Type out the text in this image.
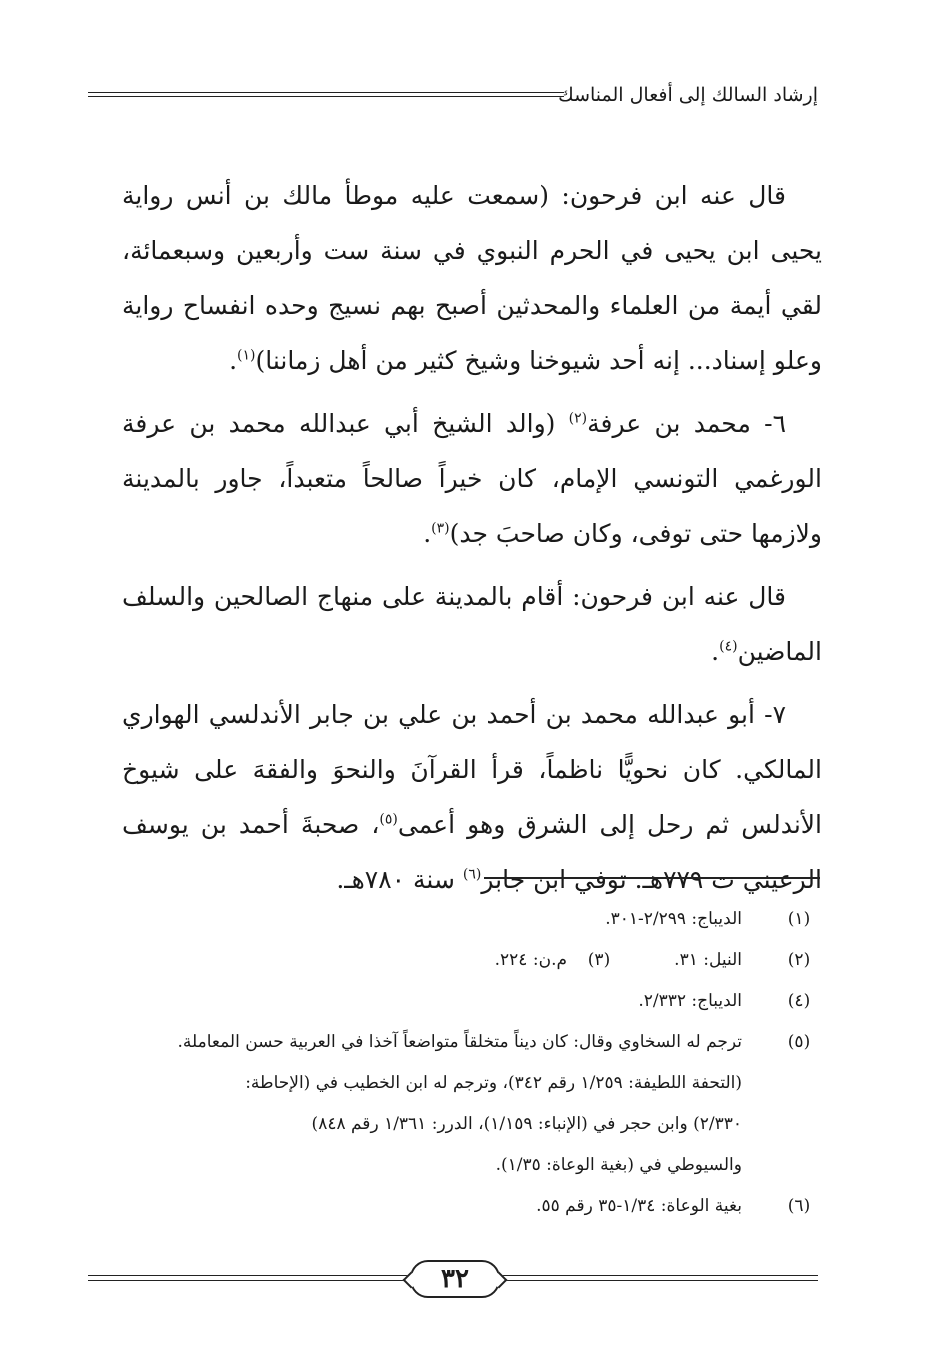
إرشاد السالك إلى أفعال المناسك

قال عنه ابن فرحون: (سمعت عليه موطأ مالك بن أنس رواية يحيى ابن يحيى في الحرم النبوي في سنة ست وأربعين وسبعمائة، لقي أيمة من العلماء والمحدثين أصبح بهم نسيج وحده انفساح رواية وعلو إسناد... إنه أحد شيوخنا وشيخ كثير من أهل زماننا)$^{(١)}$.

٦- محمد بن عرفة$^{(٢)}$ (والد الشيخ أبي عبدالله محمد بن عرفة الورغمي التونسي الإمام، كان خيراً صالحاً متعبداً، جاور بالمدينة ولازمها حتى توفى، وكان صاحبَ جد)$^{(٣)}$.

قال عنه ابن فرحون: أقام بالمدينة على منهاج الصالحين والسلف الماضين$^{(٤)}$.

٧- أبو عبدالله محمد بن أحمد بن علي بن جابر الأندلسي الهواري المالكي. كان نحويًّا ناظماً، قرأ القرآنَ والنحوَ والفقهَ على شيوخ الأندلس ثم رحل إلى الشرق وهو أعمى$^{(٥)}$، صحبةَ أحمد بن يوسف الرعيني ت ٧٧٩هـ. توفي ابن جابر$^{(٦)}$ سنة ٧٨٠هـ.

(١)
الديباج: ٢/٢٩٩-٣٠١.
(٢)
النيل: ٣١.
(٣)
م.ن: ٢٢٤.
(٤)
الديباج: ٢/٣٣٢.
(٥)
ترجم له السخاوي وقال: كان ديناً متخلقاً متواضعاً آخذا في العربية حسن المعاملة.
(التحفة اللطيفة: ١/٢٥٩ رقم ٣٤٢)، وترجم له ابن الخطيب في (الإحاطة:
٢/٣٣٠) وابن حجر في (الإنباء: ١/١٥٩)، الدرر: ١/٣٦١ رقم ٨٤٨)
والسيوطي في (بغية الوعاة: ١/٣٥).
(٦)
بغية الوعاة: ١/٣٤-٣٥ رقم ٥٥.
٣٢
